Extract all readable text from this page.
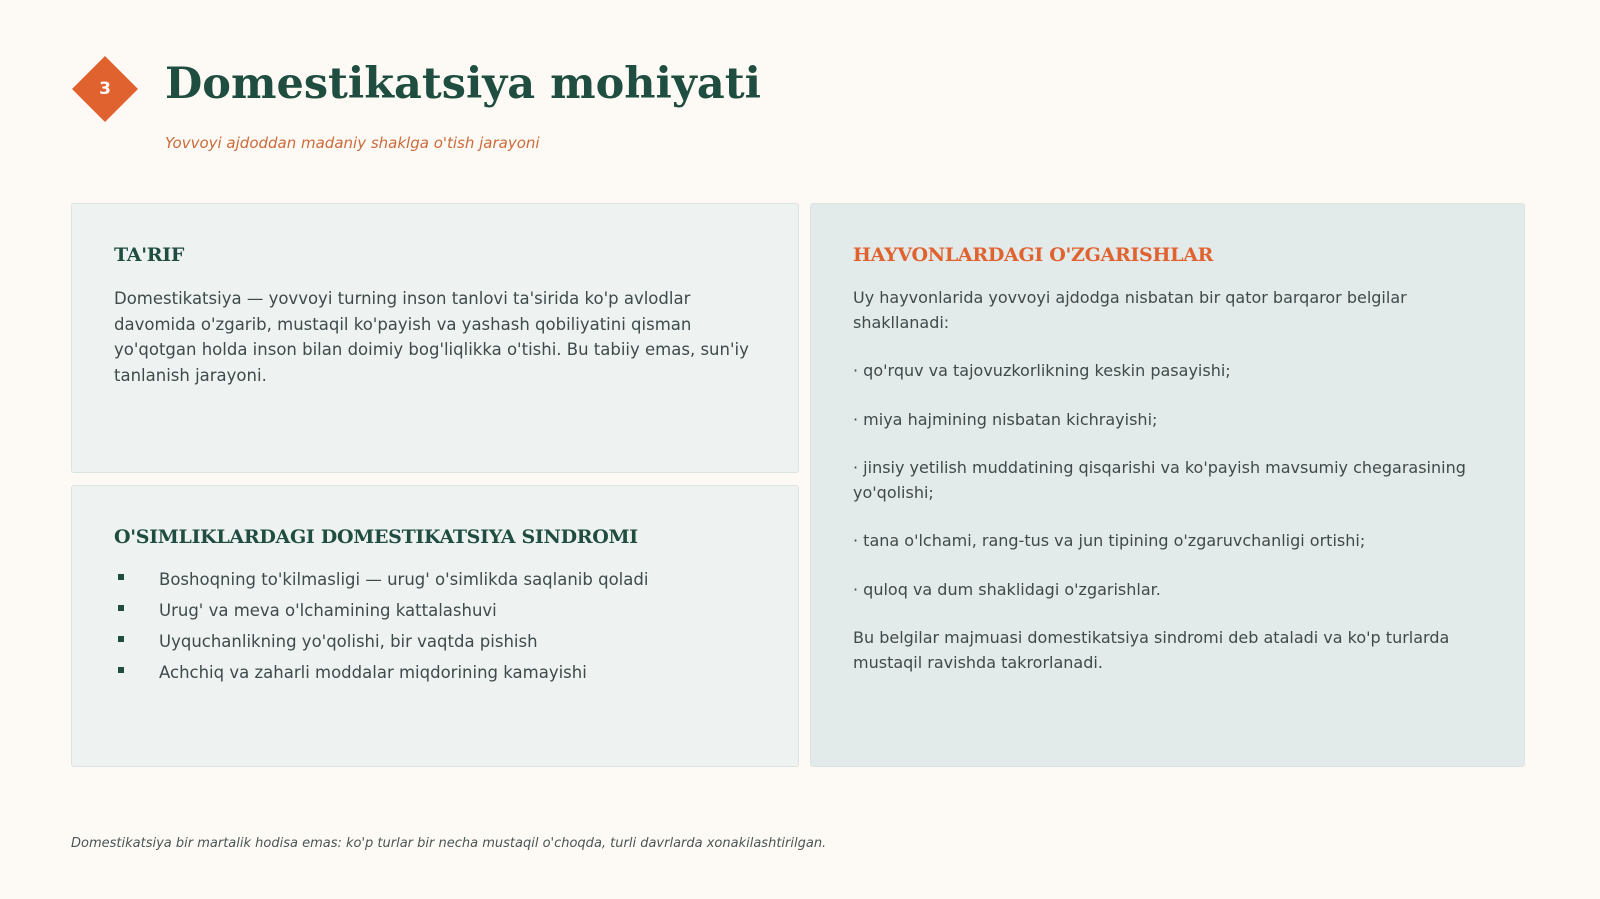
3	Domestikatsiya mohiyati

Yovvoyi ajdoddan madaniy shaklga o'tish jarayoni

TA'RIF

Domestikatsiya — yovvoyi turning inson tanlovi ta'sirida ko'p avlodlar davomida o'zgarib, mustaqil ko'payish va yashash qobiliyatini qisman yo'qotgan holda inson bilan doimiy bog'liqlikka o'tishi. Bu tabiiy emas, sun'iy tanlanish jarayoni.

O'SIMLIKLARDAGI DOMESTIKATSIYA SINDROMI
Boshoqning to'kilmasligi — urug' o'simlikda saqlanib qoladi
Urug' va meva o'lchamining kattalashuvi
Uyquchanlikning yo'qolishi, bir vaqtda pishish
Achchiq va zaharli moddalar miqdorining kamayishi
HAYVONLARDAGI O'ZGARISHLAR

Uy hayvonlarida yovvoyi ajdodga nisbatan bir qator barqaror belgilar shakllanadi:

· qo'rquv va tajovuzkorlikning keskin pasayishi;

· miya hajmining nisbatan kichrayishi;

· jinsiy yetilish muddatining qisqarishi va ko'payish mavsumiy chegarasining yo'qolishi;

· tana o'lchami, rang-tus va jun tipining o'zgaruvchanligi ortishi;

· quloq va dum shaklidagi o'zgarishlar.

Bu belgilar majmuasi domestikatsiya sindromi deb ataladi va ko'p turlarda mustaqil ravishda takrorlanadi.

Domestikatsiya bir martalik hodisa emas: ko'p turlar bir necha mustaqil o'choqda, turli davrlarda xonakilashtirilgan.
